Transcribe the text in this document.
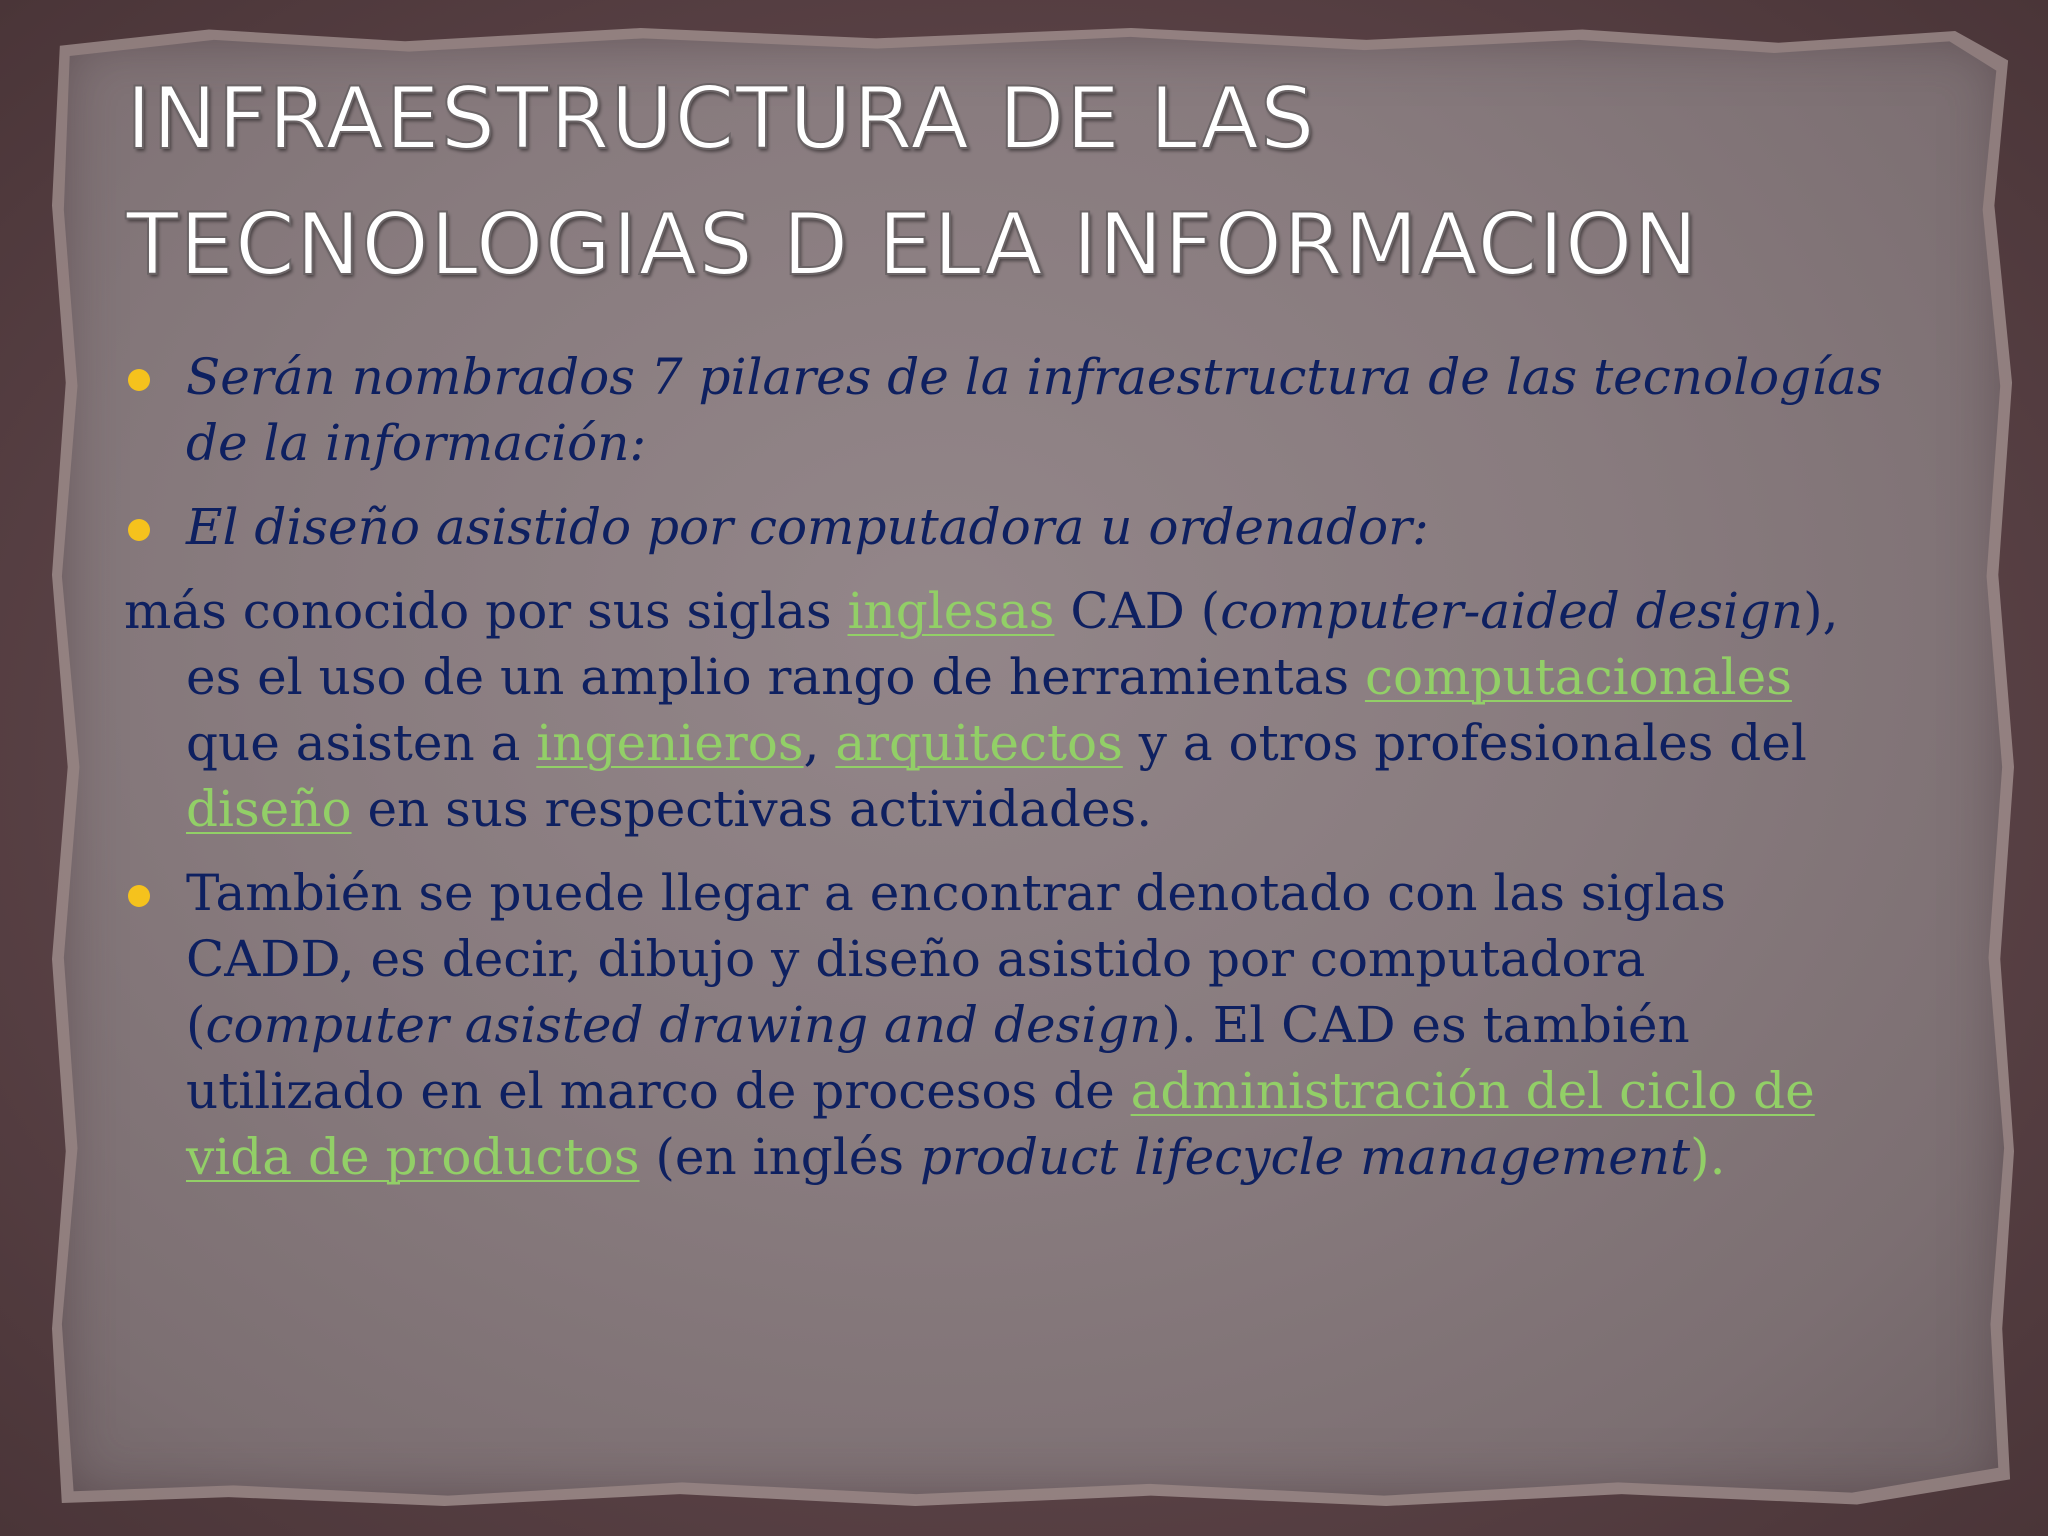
INFRAESTRUCTURA DE LAS
TECNOLOGIAS D ELA INFORMACION

Serán nombrados 7 pilares de la infraestructura de las tecnologías de la información:

El diseño asistido por computadora u ordenador:

más conocido por sus siglas inglesas CAD (computer-aided design), es el uso de un amplio rango de herramientas computacionales que asisten a ingenieros, arquitectos y a otros profesionales del diseño en sus respectivas actividades.

También se puede llegar a encontrar denotado con las siglas CADD, es decir, dibujo y diseño asistido por computadora (computer asisted drawing and design). El CAD es también utilizado en el marco de procesos de administración del ciclo de vida de productos (en inglés product lifecycle management).
